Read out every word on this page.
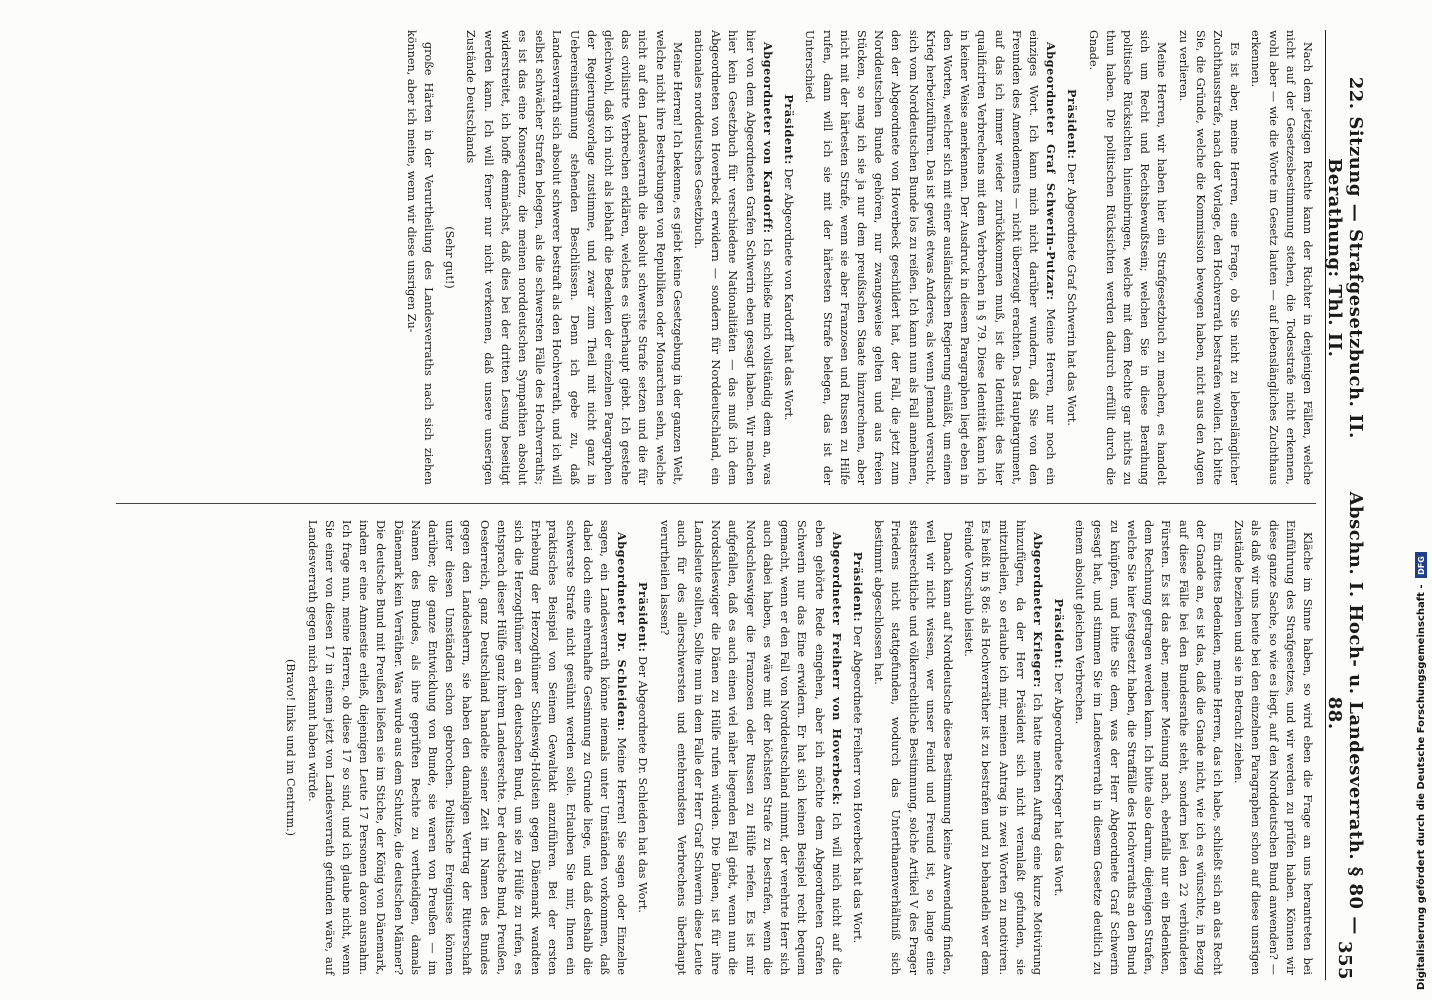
22. Sitzung — Strafgesetzbuch. II. Berathung: Thl. II.
Abschn. I. Hoch- u. Landesverrath. § 80 — 88.
355

Nach dem jetzigen Rechte kann der Richter in denjenigen Fällen, welche nicht auf der Gesetzesbestimmung stehen, die Todesstrafe nicht erkennen, wohl aber — wie die Worte im Gesetz lauten — auf lebenslängliches Zuchthaus erkennen.

Es ist aber, meine Herren, eine Frage, ob Sie nicht zu lebenslänglicher Zuchthausstrafe, nach der Vorlage, den Hochverrath bestrafen wollen. Ich bitte Sie, die Gründe, welche die Kommission bewogen haben, nicht aus den Augen zu verlieren.

Meine Herren, wir haben hier ein Strafgesetzbuch zu machen, es handelt sich um Recht und Rechtsbewußtsein; welchen Sie in diese Berathung politische Rücksichten hineinbringen, welche mit dem Rechte gar nichts zu thun haben. Die politischen Rücksichten werden dadurch erfüllt durch die Gnade.

Präsident: Der Abgeordnete Graf Schwerin hat das Wort.

Abgeordneter Graf Schwerin-Putzar: Meine Herren, nur noch ein einziges Wort. Ich kann mich nicht darüber wundern, daß Sie von den Freunden des Amendements — nicht überzeugt erachten. Das Hauptargument, auf das ich immer wieder zurückkommen muß, ist die Identität des hier qualificirten Verbrechens mit dem Verbrechen in § 79. Diese Identität kann ich in keiner Weise anerkennen. Der Ausdruck in diesem Paragraphen liegt eben in den Worten, welcher sich mit einer ausländischen Regierung einläßt, um einen Krieg herbeizuführen. Das ist gewiß etwas Anderes, als wenn Jemand versucht, sich vom Norddeutschen Bunde los zu reißen. Ich kann nun als Fall annehmen, den der Abgeordnete von Hoverbeck geschildert hat, der Fall, die jetzt zum Norddeutschen Bunde gehören, nur zwangsweise gelten und aus freien Stücken, so mag ich sie ja nur dem preußischen Staate hinzurechnen, aber nicht mit der härtesten Strafe, wenn sie aber Franzosen und Russen zu Hilfe rufen, dann will ich sie mit der härtesten Strafe belegen, das ist der Unterschied.

Präsident: Der Abgeordnete von Kardorff hat das Wort.

Abgeordneter von Kardorff: Ich schließe mich vollständig dem an, was hier von dem Abgeordneten Grafen Schwerin eben gesagt haben. Wir machen hier kein Gesetzbuch für verschiedene Nationalitäten — das muß ich dem Abgeordneten von Hoverbeck erwidern — sondern für Norddeutschland, ein nationales norddeutsches Gesetzbuch.

Meine Herren! Ich bekenne, es giebt keine Gesetzgebung in der ganzen Welt, welche nicht ihre Bestrebungen von Republiken oder Monarchen sehn, welche nicht auf den Landesverrath die absolut schwerste Strafe setzen und die für das civilisirte Verbrechen erklären, welches es überhaupt giebt. Ich gestehe gleichwohl, daß ich nicht als lebhaft die Bedenken der einzelnen Paragraphen der Regierungsvorlage zustimme, und zwar zum Theil mit nicht ganz in Uebereinstimmung stehenden Beschlüssen. Denn ich gebe zu, daß Landesverrath sich absolut schwerer bestraft als den Hochverrath, und ich will selbst schwächer Strafen belegen, als die schwersten Fälle des Hochverraths; es ist das eine Konsequenz, die meinen norddeutschen Sympathien absolut widerstreitet, ich hoffe demnächst, daß dies bei der dritten Lesung beseitigt werden kann. Ich will ferner nur nicht verkennen, daß unsere unserigen Zustände Deutschlands

(Sehr gut!)

große Härten in der Verurtheilung des Landesverraths nach sich ziehen können, aber ich meine, wenn wir diese unsrigen Zu-

Kläche im Sinne haben, so wird eben die Frage an uns herantreten bei Einführung des Strafgesetzes, und wir werden zu prüfen haben. Können wir diese ganze Sache, so wie es liegt, auf den Norddeutschen Bund anwenden? — als daß wir uns heute bei den einzelnen Paragraphen schon auf diese unsrigen Zustände beziehen und sie in Betracht ziehen.

Ein drittes Bedenken, meine Herren, das ich habe, schließt sich an das Recht der Gnade an, es ist das, daß die Gnade nicht, wie ich es wünschte, in Bezug auf diese Fälle bei den Bundesrathe steht, sondern bei den 22 verbündeten Fürsten. Es ist das aber, meiner Meinung nach, ebenfalls nur ein Bedenken, dem Rechnung getragen werden kann. Ich bitte also darum, diejenigen Strafen, welche Sie hier festgesetzt haben, die Straffälle des Hochverraths an den Bund zu knüpfen, und bitte Sie dem, was der Herr Abgeordnete Graf Schwerin gesagt hat, und stimmen Sie im Landesverrath in diesem Gesetze deutlich zu einem absolut gleichen Verbrechen.

Präsident: Der Abgeordnete Krieger hat das Wort.

Abgeordneter Krieger: Ich hatte meinen Auftrag eine kurze Motivirung hinzufügen, da der Herr Präsident sich nicht veranlaßt gefunden, sie mitzutheilen, so erlaube ich mir, meinen Antrag in zwei Worten zu motiviren. Es heißt in § 86: als Hochverräther ist zu bestrafen und zu behandeln wer dem Feinde Vorschub leistet.

Danach kann auf Norddeutsche diese Bestimmung keine Anwendung finden, weil wir nicht wissen, wer unser Feind und Freund ist, so lange eine staatsrechtliche und völkerrechtliche Bestimmung, solche Artikel V des Prager Friedens nicht stattgefunden, wodurch das Unterthanenverhältniß sich bestimmt abgeschlossen hat.

Präsident: Der Abgeordnete Freiherr von Hoverbeck hat das Wort.

Abgeordneter Freiherr von Hoverbeck: Ich will mich nicht auf die eben gehörte Rede eingehen, aber ich möchte dem Abgeordneten Grafen Schwerin nur das Eine erwidern. Er hat sich keinen Beispiel recht bequem gemacht, wenn er den Fall von Norddeutschland nimmt, der verehrte Herr sich auch dabei haben, es wäre mit der höchsten Strafe zu bestrafen, wenn die Nordschleswiger die Franzosen oder Russen zu Hülfe riefen. Es ist mir aufgefallen, daß es auch einen viel näher liegenden Fall giebt, wenn nun die Nordschleswiger die Dänen zu Hülfe rufen würden. Die Dänen, ist für ihre Landsleute sollten, Sollte nun in dem Falle der Herr Graf Schwerin diese Leute auch für des allerschwersten und entehrendsten Verbrechens überhaupt verurtheilen lassen?

Präsident: Der Abgeordnete Dr. Schleiden hat das Wort.

Abgeordneter Dr. Schleiden: Meine Herren! Sie sagen oder Einzelne sagen, ein Landesverrath könne niemals unter Umständen vorkommen, daß dabei doch eine ehrenhafte Gesinnung zu Grunde liege, und daß deshalb die schwerste Strafe nicht gesühnt werden solle. Erlauben Sie mir, Ihnen ein praktisches Beispiel von Seinem Gewaltakt anzuführen. Bei der ersten Erhebung der Herzogthümer Schleswig-Holstein gegen Dänemark wandten sich die Herzogthümer an den deutschen Bund, um sie zu Hülfe zu rufen, es entsprach dieser Hülfe ganz ihrem Landesrechte. Der deutsche Bund, Preußen, Oesterreich, ganz Deutschland handelte seiner Zeit im Namen des Bundes gegen den Landesherrn, sie haben den damaligen Vertrag der Ritterschaft unter diesen Umständen schon gebrochen. Politische Ereignisse können darüber, die ganze Entwicklung von Bunde, sie waren von Preußen — im Namen des Bundes, als ihre geprüften Rechte zu vertheidigen, damals Dänemark kein Verräther. Was wurde aus dem Schutze, die deutschen Männer? Die deutsche Bund mit Preußen ließen sie im Stiche, der König von Dänemark, indem er eine Amnestie erließ, diejenigen Leute 17 Personen davon ausnahm. Ich frage nun, meine Herren, ob diese 17 so sind, und ich glaube nicht, wenn Sie einer von diesen 17 in einem jetzt von Landesverrath gefunden wäre, auf Landesverrath gegen mich erkannt haben würde.

(Bravo! links und im Centrum.)	Digitalisierung gefördert durch die Deutsche Forschungsgemeinschaft -
DFG
